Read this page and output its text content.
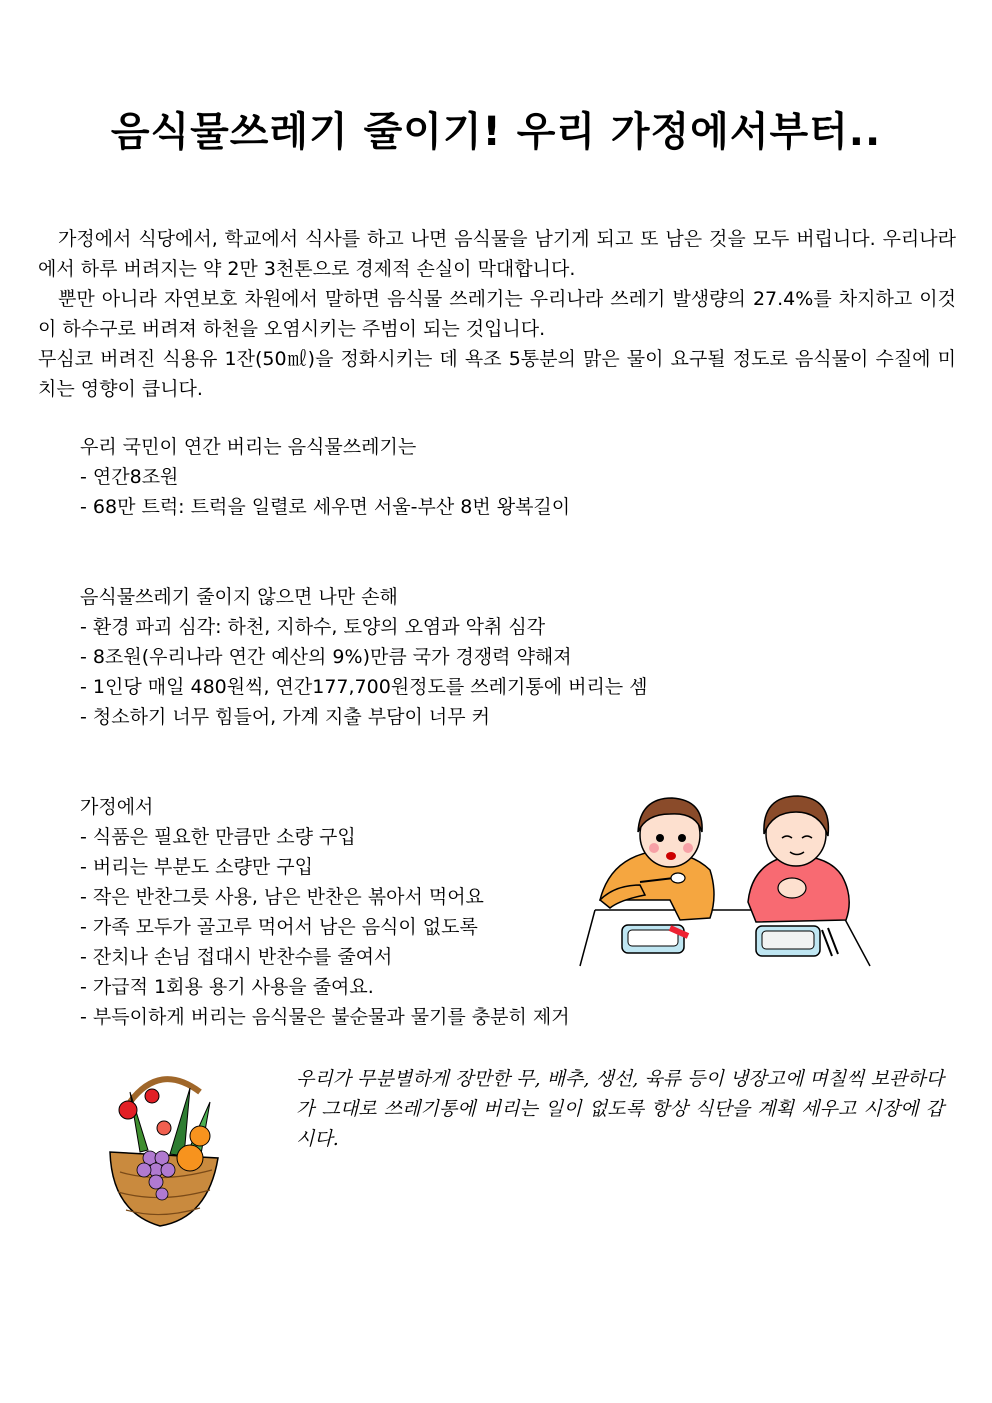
음식물쓰레기 줄이기! 우리 가정에서부터..

가정에서 식당에서, 학교에서 식사를 하고 나면 음식물을 남기게 되고 또 남은 것을 모두 버립니다. 우리나라에서 하루 버려지는 약 2만 3천톤으로 경제적 손실이 막대합니다.

뿐만 아니라 자연보호 차원에서 말하면 음식물 쓰레기는 우리나라 쓰레기 발생량의 27.4%를 차지하고 이것이 하수구로 버려져 하천을 오염시키는 주범이 되는 것입니다.

무심코 버려진 식용유 1잔(50㎖)을 정화시키는 데 욕조 5통분의 맑은 물이 요구될 정도로 음식물이 수질에 미치는 영향이 큽니다.

우리 국민이 연간 버리는 음식물쓰레기는

- 연간8조원
- 68만 트럭: 트럭을 일렬로 세우면 서울-부산 8번 왕복길이

음식물쓰레기 줄이지 않으면 나만 손해

- 환경 파괴 심각: 하천, 지하수, 토양의 오염과 악취 심각
- 8조원(우리나라 연간 예산의 9%)만큼 국가 경쟁력 약해져
- 1인당 매일 480원씩, 연간177,700원정도를 쓰레기통에 버리는 셈
- 청소하기 너무 힘들어, 가계 지출 부담이 너무 커

가정에서

- 식품은 필요한 만큼만 소량 구입
- 버리는 부분도 소량만 구입
- 작은 반찬그릇 사용, 남은 반찬은 볶아서 먹어요
- 가족 모두가 골고루 먹어서 남은 음식이 없도록
- 잔치나 손님 접대시 반찬수를 줄여서
- 가급적 1회용 용기 사용을 줄여요.
- 부득이하게 버리는 음식물은 불순물과 물기를 충분히 제거
우리가 무분별하게 장만한 무, 배추, 생선, 육류 등이 냉장고에 며칠씩 보관하다가 그대로 쓰레기통에 버리는 일이 없도록 항상 식단을 계획 세우고 시장에 갑시다.
